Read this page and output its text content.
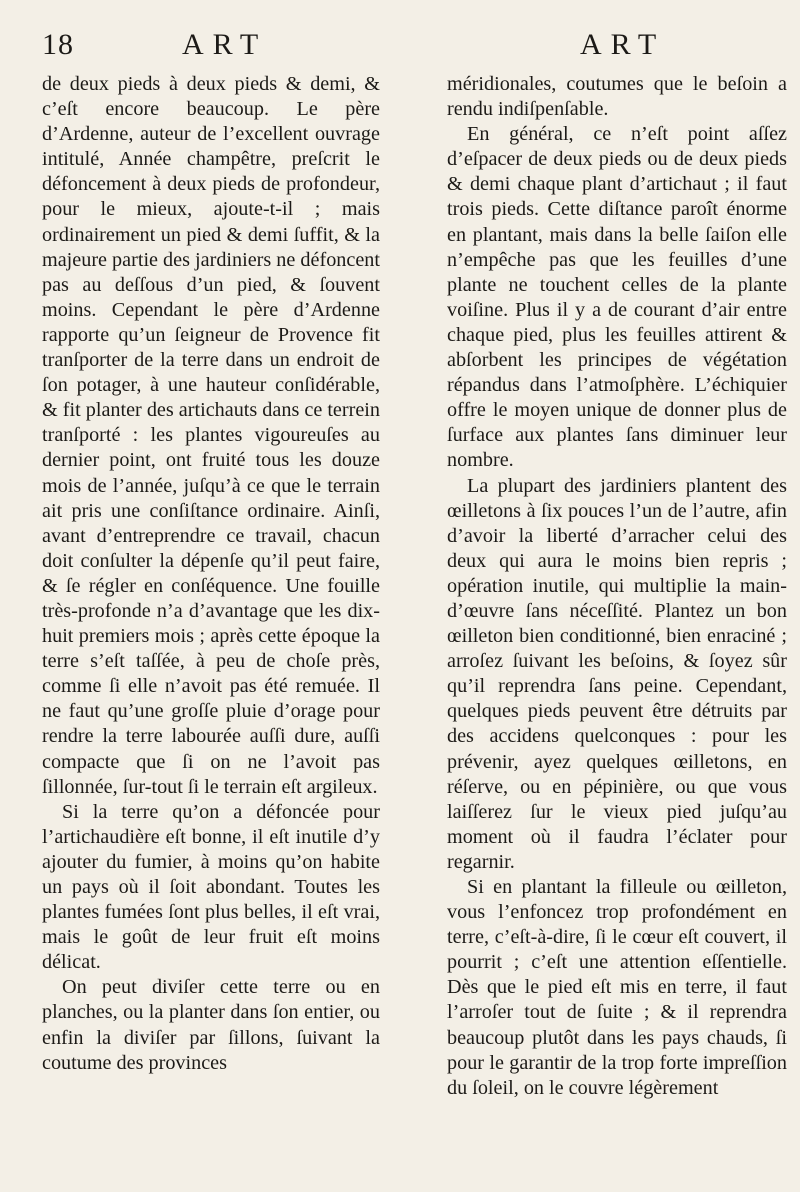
18	ART	ART

de deux pieds à deux pieds & demi, & c’eſt encore beaucoup. Le père d’Ardenne, auteur de l’excellent ouvrage intitulé, Année champêtre, preſcrit le défoncement à deux pieds de profondeur, pour le mieux, ajoute-t-il ; mais ordinairement un pied & demi ſuffit, & la majeure partie des jardiniers ne défoncent pas au deſſous d’un pied, & ſouvent moins. Cependant le père d’Ardenne rapporte qu’un ſeigneur de Provence fit tranſporter de la terre dans un endroit de ſon potager, à une hauteur conſidérable, & fit planter des artichauts dans ce terrein tranſporté : les plantes vigoureuſes au dernier point, ont fruité tous les douze mois de l’année, juſqu’à ce que le terrain ait pris une conſiſtance ordinaire. Ainſi, avant d’entreprendre ce travail, chacun doit conſulter la dépenſe qu’il peut faire, & ſe régler en conſéquence. Une fouille très-profonde n’a d’avantage que les dix-huit premiers mois ; après cette époque la terre s’eſt taſſée, à peu de choſe près, comme ſi elle n’avoit pas été remuée. Il ne faut qu’une groſſe pluie d’orage pour rendre la terre labourée auſſi dure, auſſi compacte que ſi on ne l’avoit pas ſillonnée, ſur-tout ſi le terrain eſt argileux.

Si la terre qu’on a défoncée pour l’artichaudière eſt bonne, il eſt inutile d’y ajouter du fumier, à moins qu’on habite un pays où il ſoit abondant. Toutes les plantes fumées ſont plus belles, il eſt vrai, mais le goût de leur fruit eſt moins délicat.

On peut diviſer cette terre ou en planches, ou la planter dans ſon entier, ou enfin la diviſer par ſillons, ſuivant la coutume des provinces

méridionales, coutumes que le beſoin a rendu indiſpenſable.

En général, ce n’eſt point aſſez d’eſpacer de deux pieds ou de deux pieds & demi chaque plant d’artichaut ; il faut trois pieds. Cette diſtance paroît énorme en plantant, mais dans la belle ſaiſon elle n’empêche pas que les feuilles d’une plante ne touchent celles de la plante voiſine. Plus il y a de courant d’air entre chaque pied, plus les feuilles attirent & abſorbent les principes de végétation répandus dans l’atmoſphère. L’échiquier offre le moyen unique de donner plus de ſurface aux plantes ſans diminuer leur nombre.

La plupart des jardiniers plantent des œilletons à ſix pouces l’un de l’autre, afin d’avoir la liberté d’arracher celui des deux qui aura le moins bien repris ; opération inutile, qui multiplie la main-d’œuvre ſans néceſſité. Plantez un bon œilleton bien conditionné, bien enraciné ; arroſez ſuivant les beſoins, & ſoyez sûr qu’il reprendra ſans peine. Cependant, quelques pieds peuvent être détruits par des accidens quelconques : pour les prévenir, ayez quelques œilletons, en réſerve, ou en pépinière, ou que vous laiſſerez ſur le vieux pied juſqu’au moment où il faudra l’éclater pour regarnir.

Si en plantant la filleule ou œilleton, vous l’enfoncez trop profondément en terre, c’eſt-à-dire, ſi le cœur eſt couvert, il pourrit ; c’eſt une attention eſſentielle. Dès que le pied eſt mis en terre, il faut l’arroſer tout de ſuite ; & il reprendra beaucoup plutôt dans les pays chauds, ſi pour le garantir de la trop forte impreſſion du ſoleil, on le couvre légèrement
